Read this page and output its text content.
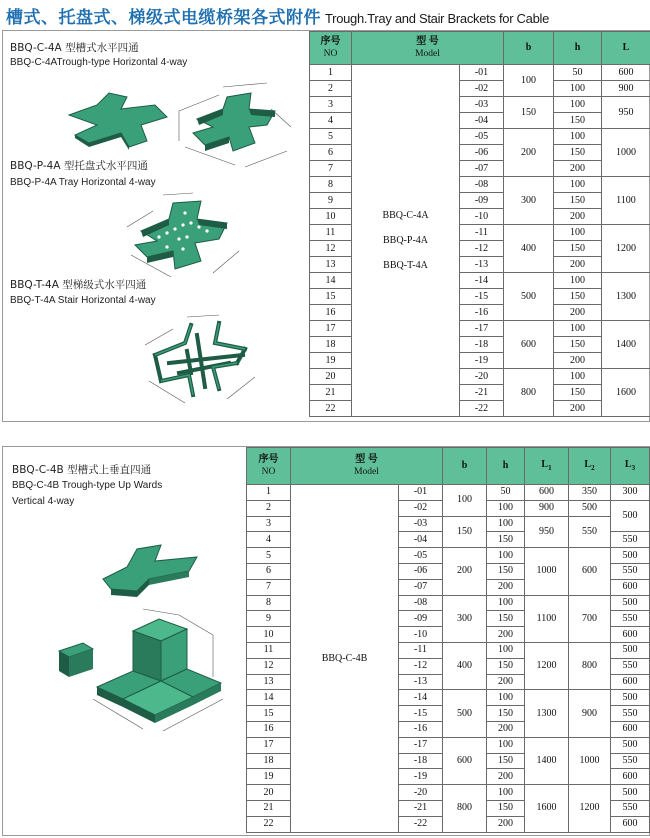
槽式、托盘式、梯级式电缆桥架各式附件 Trough.Tray and Stair Brackets for Cable
BBQ-C-4A 型槽式水平四通
BBQ-C-4ATrough-type Horizontal 4-way
BBQ-P-4A 型托盘式水平四通
BBQ-P-4A Tray Horizontal 4-way
BBQ-T-4A 型梯级式水平四通
BBQ-T-4A Stair Horizontal 4-way
序号
NO	型 号
Model		b	h	L
1	BBQ-C-4A
BBQ-P-4A
BBQ-T-4A	-01	100	50	600
2		-02		100	900
3		-03	150	100	950
4		-04		150	
5		-05	200	100	1000
6		-06		150	
7		-07		200	
8		-08	300	100	1100
9		-09		150	
10		-10		200	
11		-11	400	100	1200
12		-12		150	
13		-13		200	
14		-14	500	100	1300
15		-15		150	
16		-16		200	
17		-17	600	100	1400
18		-18		150	
19		-19		200	
20		-20	800	100	1600
21		-21		150	
22		-22		200	
BBQ-C-4B 型槽式上垂直四通
BBQ-C-4B Trough-type Up Wards
Vertical 4-way
序号
NO	型 号
Model		b	h	$L_1$	$L_2$	$L_3$
1	BBQ-C-4B	-01	100	50	600	350	300
2		-02		100	900	500	500
3		-03	150	100	950	550	
4		-04		150			550
5		-05	200	100	1000	600	500
6		-06		150			550
7		-07		200			600
8		-08	300	100	1100	700	500
9		-09		150			550
10		-10		200			600
11		-11	400	100	1200	800	500
12		-12		150			550
13		-13		200			600
14		-14	500	100	1300	900	500
15		-15		150			550
16		-16		200			600
17		-17	600	100	1400	1000	500
18		-18		150			550
19		-19		200			600
20		-20	800	100	1600	1200	500
21		-21		150			550
22		-22		200			600
